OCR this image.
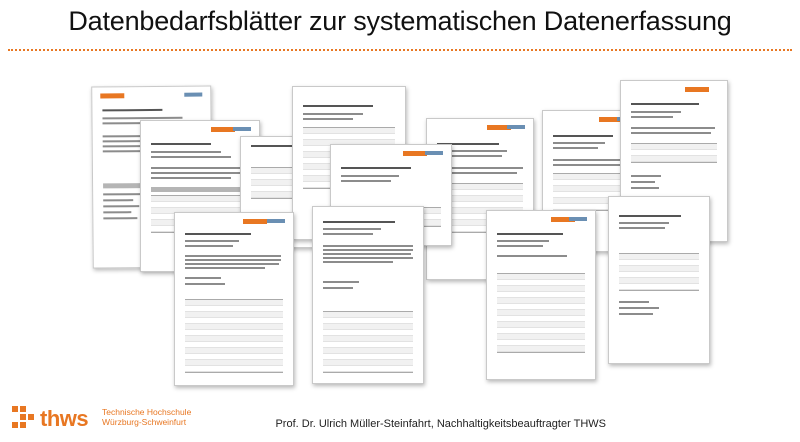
Datenbedarfsblätter zur systematischen Datenerfassung
thws Technische Hochschule
Würzburg-Schweinfurt	Prof. Dr. Ulrich Müller-Steinfahrt, Nachhaltigkeitsbeauftragter THWS
